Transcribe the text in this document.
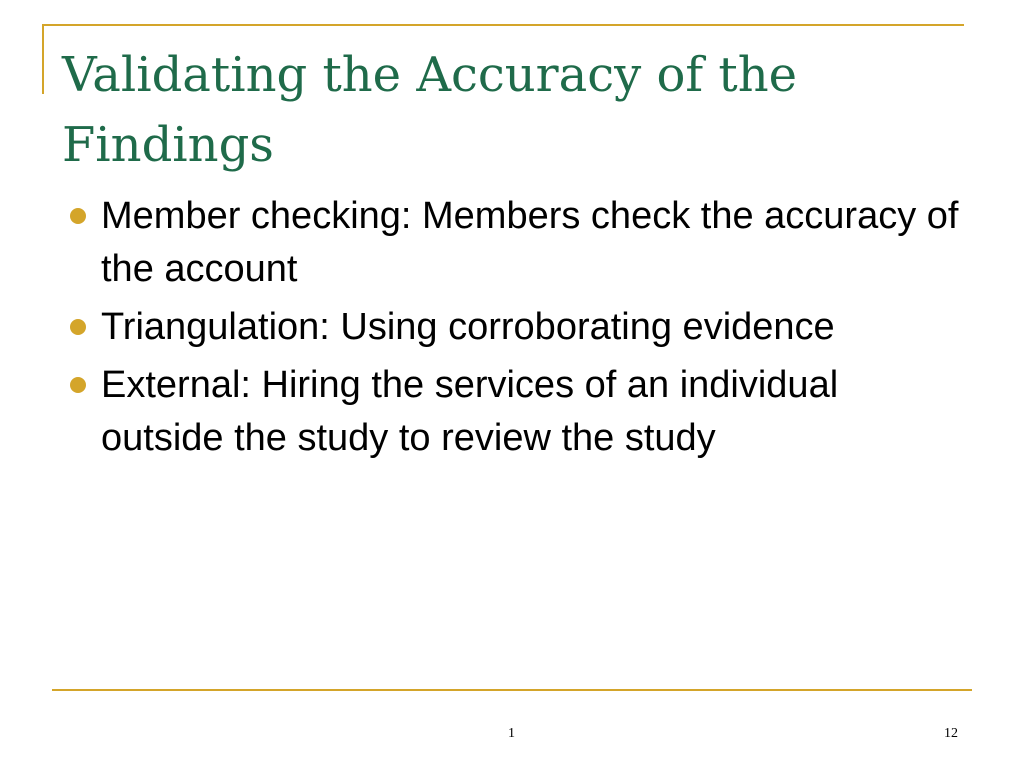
Validating the Accuracy of the Findings
Member checking: Members check the accuracy of the account
Triangulation: Using corroborating evidence
External: Hiring the services of an individual outside the study to review the study
1	12
